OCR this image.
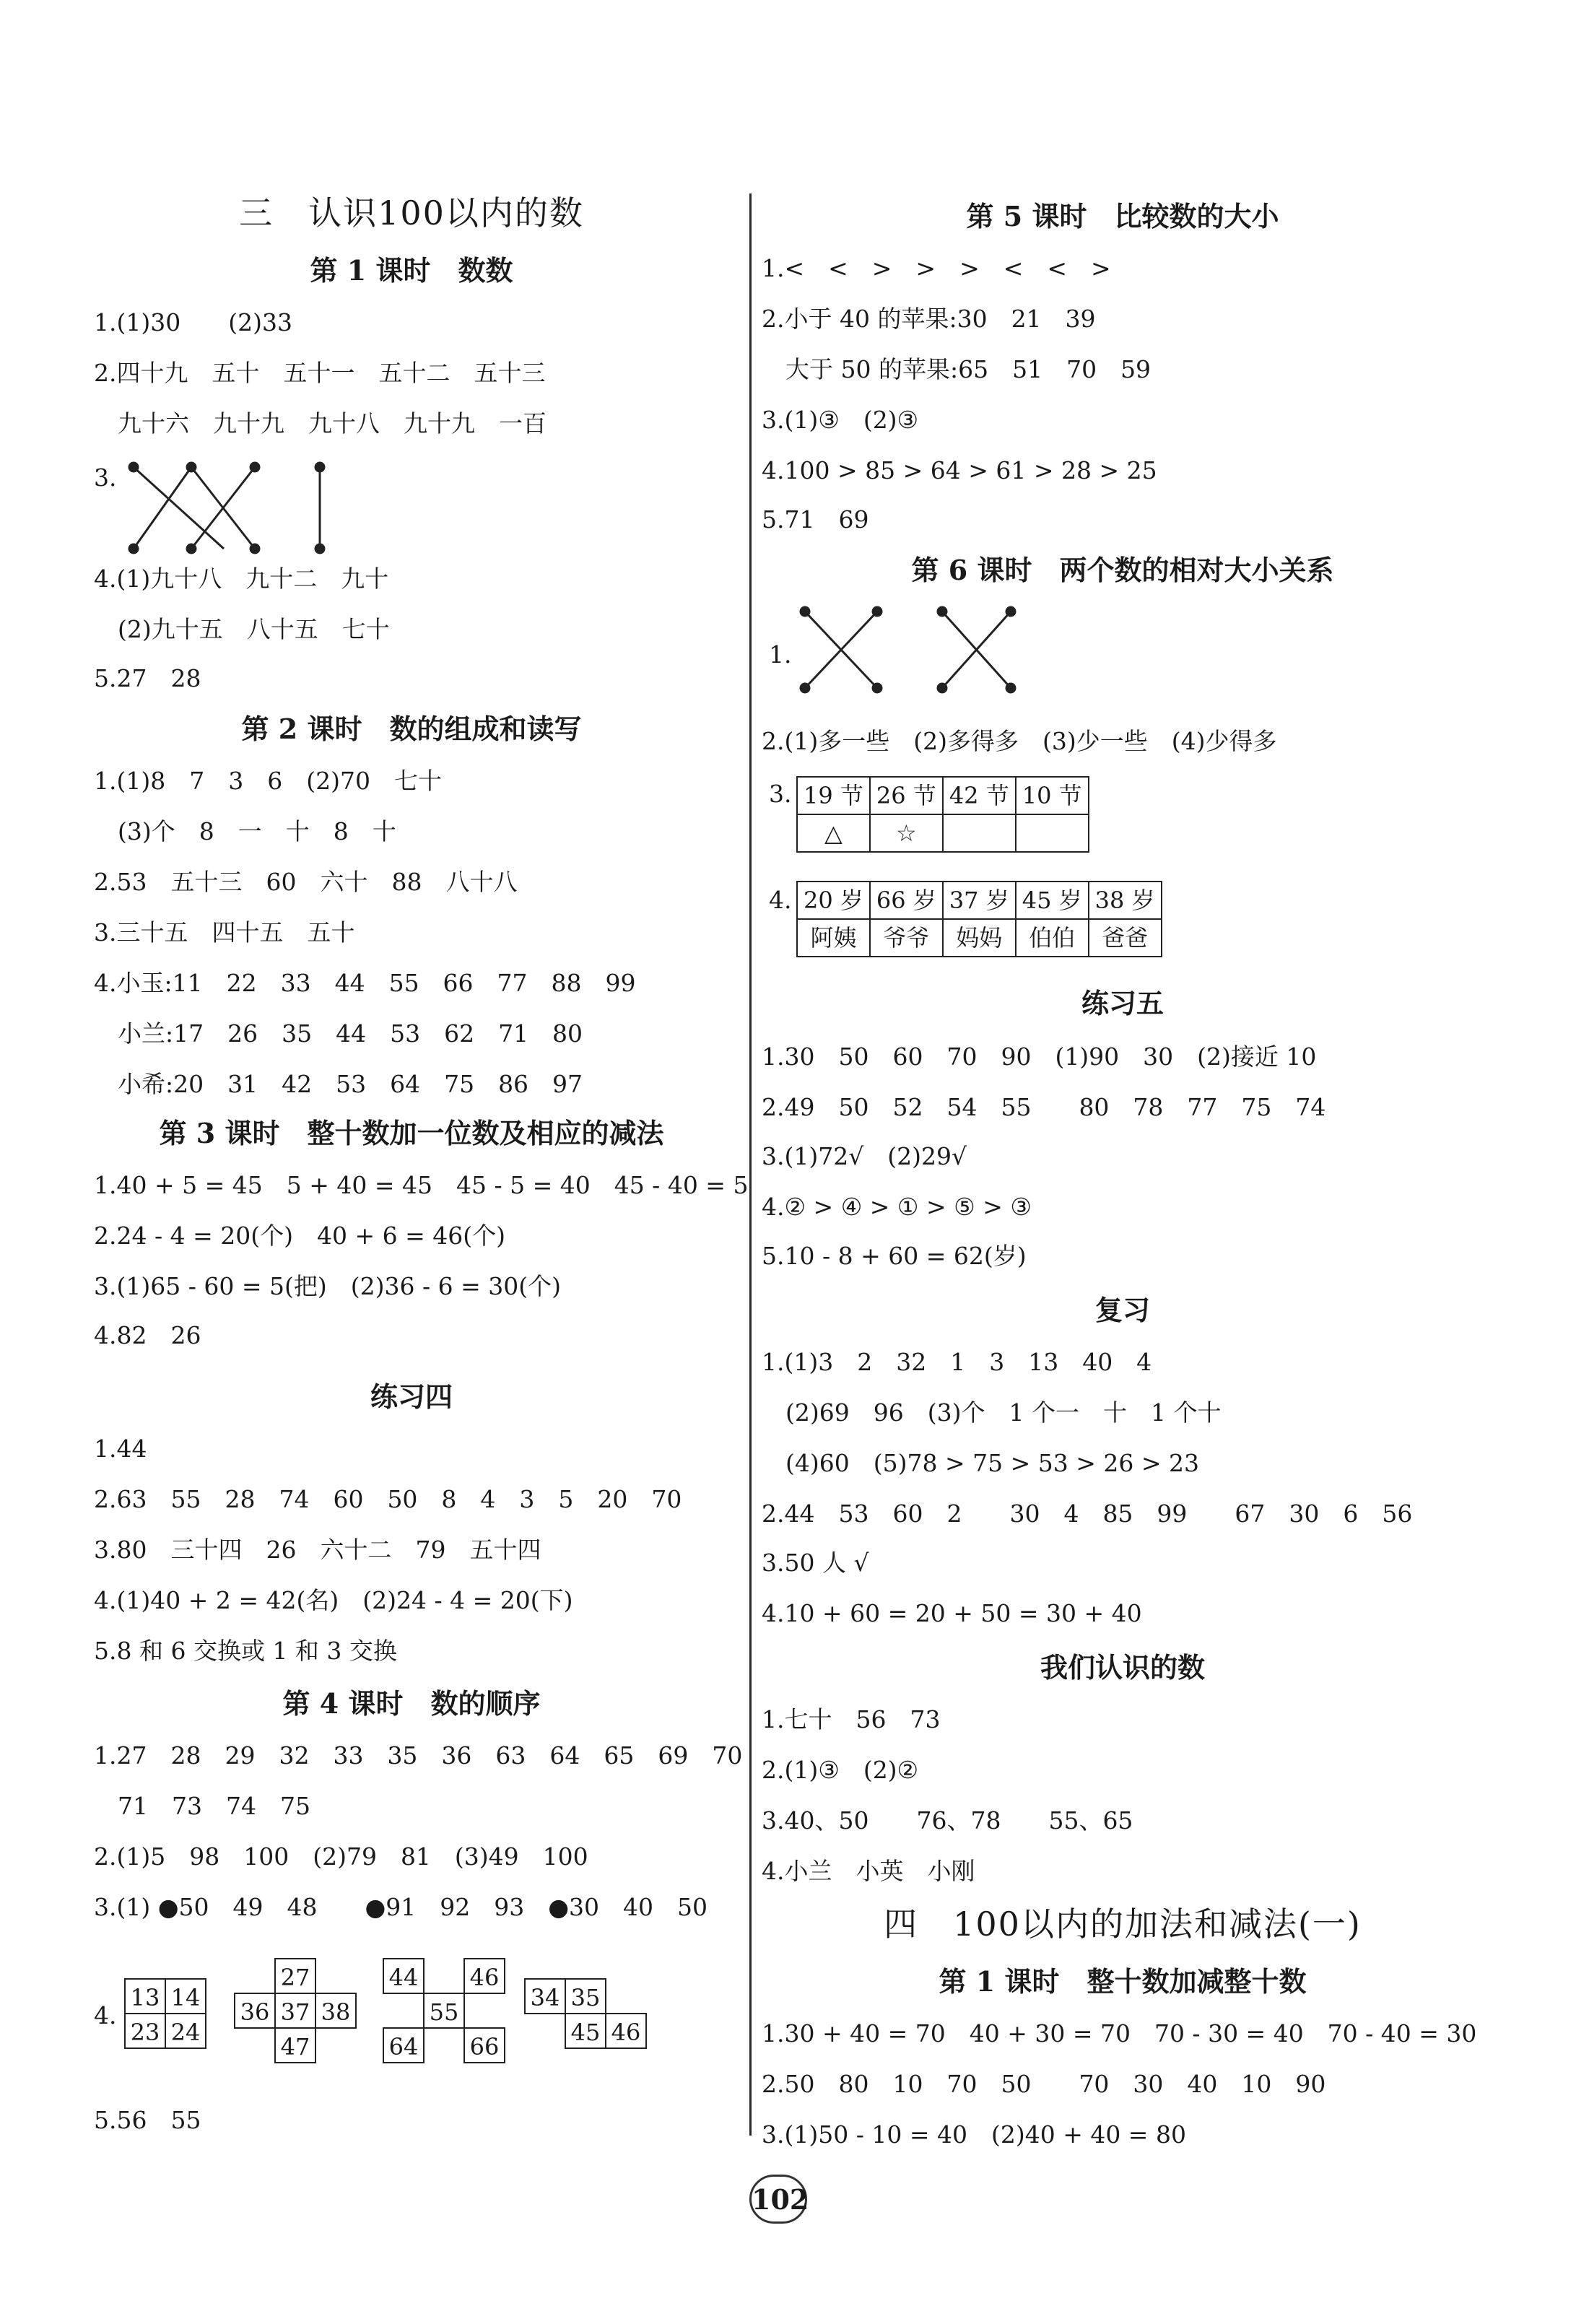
三　认识100以内的数
第 1 课时　数数
1.(1)30　　(2)33
2.四十九　五十　五十一　五十二　五十三
　九十六　九十九　九十八　九十九　一百
3.
4.(1)九十八　九十二　九十
　(2)九十五　八十五　七十
5.27　28
第 2 课时　数的组成和读写
1.(1)8　7　3　6　(2)70　七十
　(3)个　8　一　十　8　十
2.53　五十三　60　六十　88　八十八
3.三十五　四十五　五十
4.小玉:11　22　33　44　55　66　77　88　99
　小兰:17　26　35　44　53　62　71　80
　小希:20　31　42　53　64　75　86　97
第 3 课时　整十数加一位数及相应的减法
1.40 + 5 = 45　5 + 40 = 45　45 - 5 = 40　45 - 40 = 5
2.24 - 4 = 20(个)　40 + 6 = 46(个)
3.(1)65 - 60 = 5(把)　(2)36 - 6 = 30(个)
4.82　26
练习四
1.44
2.63　55　28　74　60　50　8　4　3　5　20　70
3.80　三十四　26　六十二　79　五十四
4.(1)40 + 2 = 42(名)　(2)24 - 4 = 20(下)
5.8 和 6 交换或 1 和 3 交换
第 4 课时　数的顺序
1.27　28　29　32　33　35　36　63　64　65　69　70
　71　73　74　75
2.(1)5　98　100　(2)79　81　(3)49　100
3.(1) ●50　49　48　　●91　92　93　●30　40　50
4.
13 14
23 24
27
36 37 38
47
44 46
55
64 66
34 35
45 46
5.56　55
第 5 课时　比较数的大小
1.<　<　>　>　>　<　<　>
2.小于 40 的苹果:30　21　39
　大于 50 的苹果:65　51　70　59
3.(1)③　(2)③
4.100 > 85 > 64 > 61 > 28 > 25
5.71　69
第 6 课时　两个数的相对大小关系
1.
2.(1)多一些　(2)多得多　(3)少一些　(4)少得多
3. 19 节	26 节	42 节	10 节
△	☆		
4. 20 岁	66 岁	37 岁	45 岁	38 岁
阿姨	爷爷	妈妈	伯伯	爸爸
练习五
1.30　50　60　70　90　(1)90　30　(2)接近 10
2.49　50　52　54　55　　80　78　77　75　74
3.(1)72√　(2)29√
4.② > ④ > ① > ⑤ > ③
5.10 - 8 + 60 = 62(岁)
复习
1.(1)3　2　32　1　3　13　40　4
　(2)69　96　(3)个　1 个一　十　1 个十
　(4)60　(5)78 > 75 > 53 > 26 > 23
2.44　53　60　2　　30　4　85　99　　67　30　6　56
3.50 人 √
4.10 + 60 = 20 + 50 = 30 + 40
我们认识的数
1.七十　56　73
2.(1)③　(2)②
3.40、50　　76、78　　55、65
4.小兰　小英　小刚
四　100以内的加法和减法(一)
第 1 课时　整十数加减整十数
1.30 + 40 = 70　40 + 30 = 70　70 - 30 = 40　70 - 40 = 30
2.50　80　10　70　50　　70　30　40　10　90
3.(1)50 - 10 = 40　(2)40 + 40 = 80
102
